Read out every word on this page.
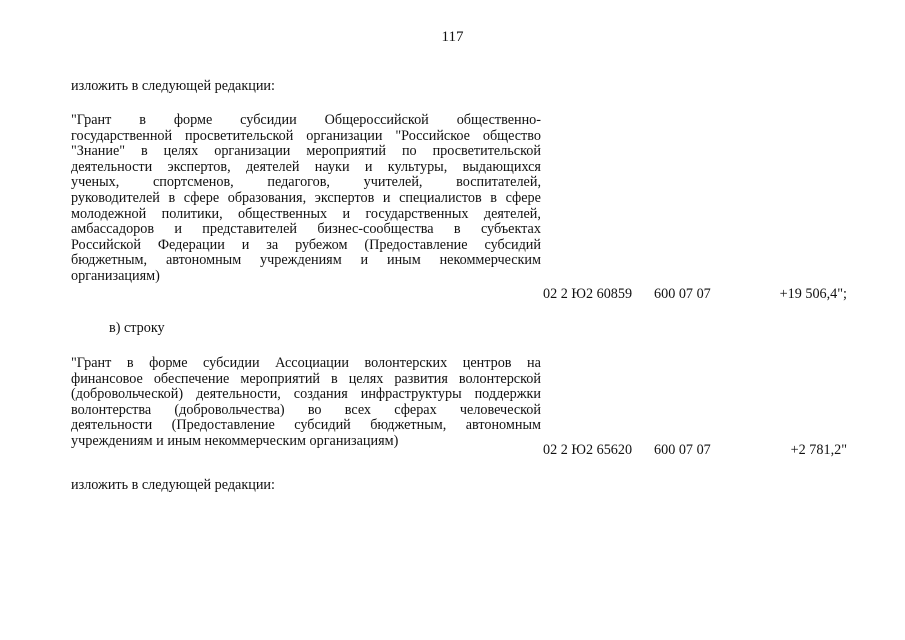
117
изложить в следующей редакции:
"Грант в форме субсидии Общероссийской общественно-
государственной просветительской организации "Российское общество
"Знание" в целях организации мероприятий по просветительской
деятельности экспертов, деятелей науки и культуры, выдающихся
ученых, спортсменов, педагогов, учителей, воспитателей,
руководителей в сфере образования, экспертов и специалистов в сфере
молодежной политики, общественных и государственных деятелей,
амбассадоров и представителей бизнес-сообщества в субъектах
Российской Федерации и за рубежом (Предоставление субсидий
бюджетным, автономным учреждениям и иным некоммерческим
организациям)
02 2 Ю2 60859 600 07 07	+19 506,4";
в) строку
"Грант в форме субсидии Ассоциации волонтерских центров на
финансовое обеспечение мероприятий в целях развития волонтерской
(добровольческой) деятельности, создания инфраструктуры поддержки
волонтерства (добровольчества) во всех сферах человеческой
деятельности (Предоставление субсидий бюджетным, автономным
учреждениям и иным некоммерческим организациям)
02 2 Ю2 65620 600 07 07	+2 781,2"
изложить в следующей редакции:
